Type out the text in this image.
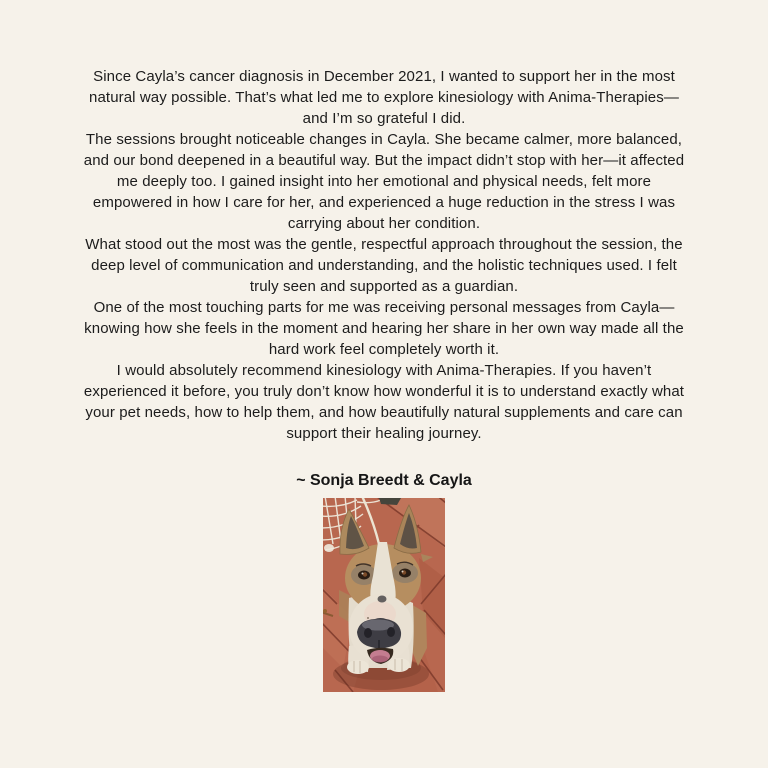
Since Cayla’s cancer diagnosis in December 2021, I wanted to support her in the most natural way possible. That’s what led me to explore kinesiology with Anima-Therapies—and I’m so grateful I did.

The sessions brought noticeable changes in Cayla. She became calmer, more balanced, and our bond deepened in a beautiful way. But the impact didn’t stop with her—it affected me deeply too. I gained insight into her emotional and physical needs, felt more empowered in how I care for her, and experienced a huge reduction in the stress I was carrying about her condition.

What stood out the most was the gentle, respectful approach throughout the session, the deep level of communication and understanding, and the holistic techniques used. I felt truly seen and supported as a guardian.

One of the most touching parts for me was receiving personal messages from Cayla—knowing how she feels in the moment and hearing her share in her own way made all the hard work feel completely worth it.

I would absolutely recommend kinesiology with Anima-Therapies. If you haven’t experienced it before, you truly don’t know how wonderful it is to understand exactly what your pet needs, how to help them, and how beautifully natural supplements and care can support their healing journey.

~ Sonja Breedt & Cayla
